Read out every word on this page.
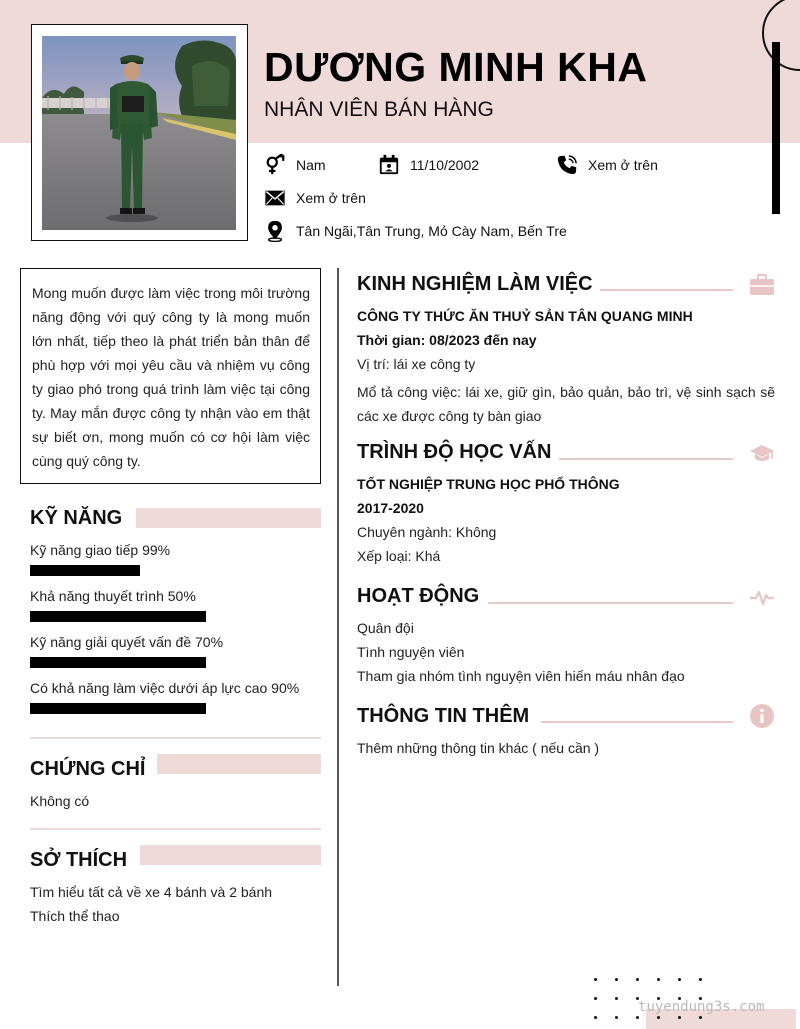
DƯƠNG MINH KHA
NHÂN VIÊN BÁN HÀNG
Nam	11/10/2002	Xem ở trên
Xem ở trên
Tân Ngãi,Tân Trung, Mỏ Cày Nam, Bến Tre
Mong muốn được làm việc trong môi trường năng động với quý công ty là mong muốn lớn nhất, tiếp theo là phát triển bản thân để phù hợp với mọi yêu cầu và nhiệm vụ công ty giao phó trong quá trình làm việc tại công ty. May mắn được công ty nhận vào em thật sự biết ơn, mong muốn có cơ hội làm việc cùng quý công ty.
KỸ NĂNG
Kỹ năng giao tiếp 99%
Khả năng thuyết trình 50%
Kỹ năng giải quyết vấn đề 70%
Có khả năng làm việc dưới áp lực cao 90%
CHỨNG CHỈ
Không có
SỞ THÍCH
Tìm hiểu tất cả về xe 4 bánh và 2 bánh
Thích thể thao
KINH NGHIỆM LÀM VIỆC
CÔNG TY THỨC ĂN THUỶ SẢN TÂN QUANG MINH
Thời gian: 08/2023 đến nay
Vị trí: lái xe công ty
Mổ tả công việc: lái xe, giữ gìn, bảo quản, bảo trì, vệ sinh sạch sẽ các xe được công ty bàn giao
TRÌNH ĐỘ HỌC VẤN
TỐT NGHIỆP TRUNG HỌC PHỔ THÔNG
2017-2020
Chuyên ngành: Không
Xếp loại: Khá
HOẠT ĐỘNG
Quân đội
Tình nguyện viên
Tham gia nhóm tình nguyện viên hiến máu nhân đạo
THÔNG TIN THÊM
Thêm những thông tin khác ( nếu cần )
tuyendung3s.com
